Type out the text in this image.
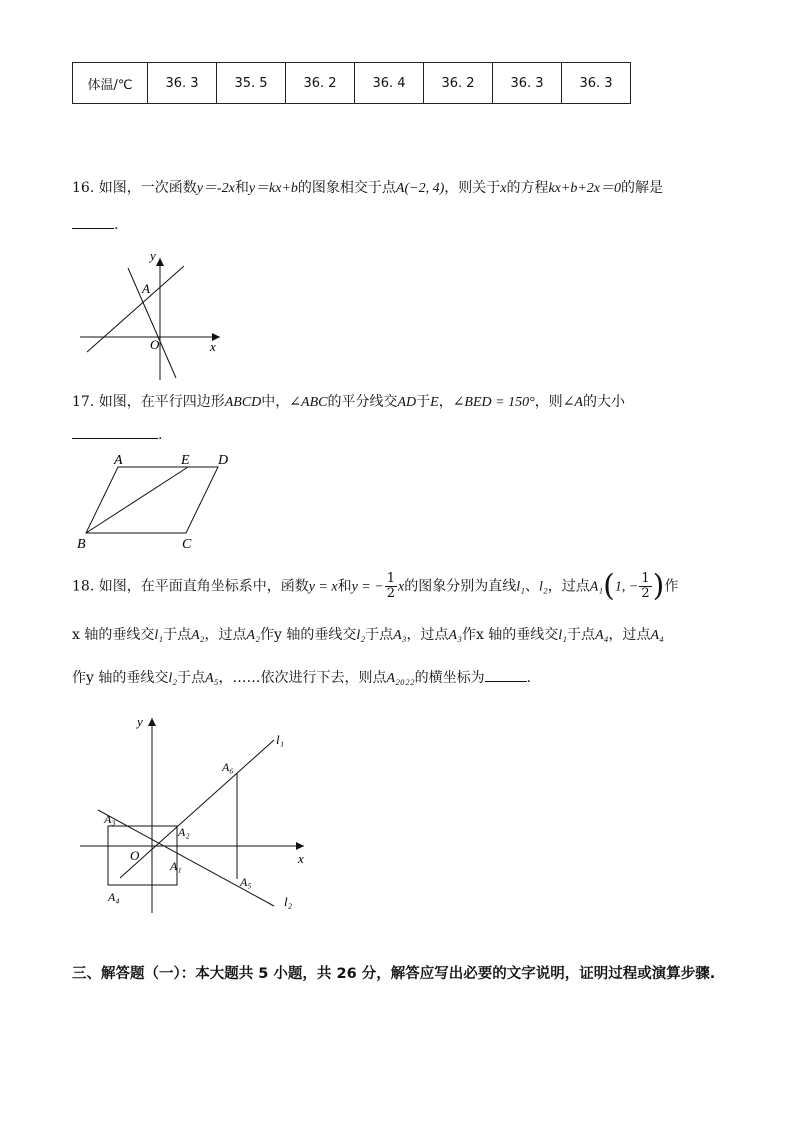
体温/℃	36. 3	35. 5	36. 2	36. 4	36. 2	36. 3	36. 3
16. 如图，一次函数y＝-2x和y＝kx+b的图象相交于点A(−2, 4)，则关于x的方程kx+b+2x＝0的解是
.
y
x
O
A
17. 如图，在平行四边形ABCD中，∠ABC的平分线交AD于E，∠BED = 150°，则∠A的大小
.
A	E D
B	C
18. 如图，在平面直角坐标系中，函数y = x和y = − $\frac{1}{2}$ x的图象分别为直线l₁、l₂，过点A₁(1, − $\frac{1}{2}$ )作
x 轴的垂线交l₁于点A₂，过点A₂作y 轴的垂线交l₂于点A₃，过点A₃作x 轴的垂线交l₁于点A₄，过点A₄
作y 轴的垂线交l₂于点A₅，……依次进行下去，则点A₂₀₂₂的横坐标为	.
y
x
O
l₁
l₂
A₁
A₂
A₃
A₄
A₅
A₆
三、解答题（一）：本大题共 5 小题，共 26 分，解答应写出必要的文字说明，证明过程或演算步骤.
